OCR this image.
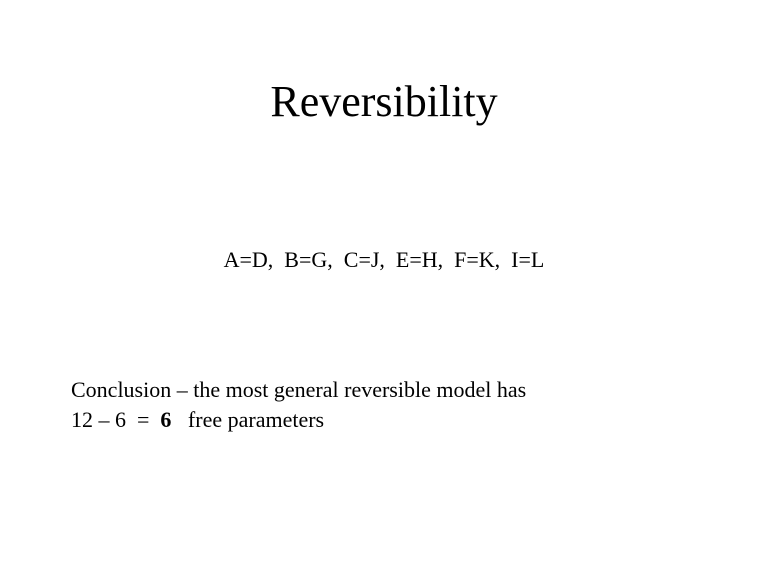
Reversibility
A=D,  B=G,  C=J,  E=H,  F=K,  I=L
Conclusion – the most general reversible model has
12 – 6  =  6   free parameters
